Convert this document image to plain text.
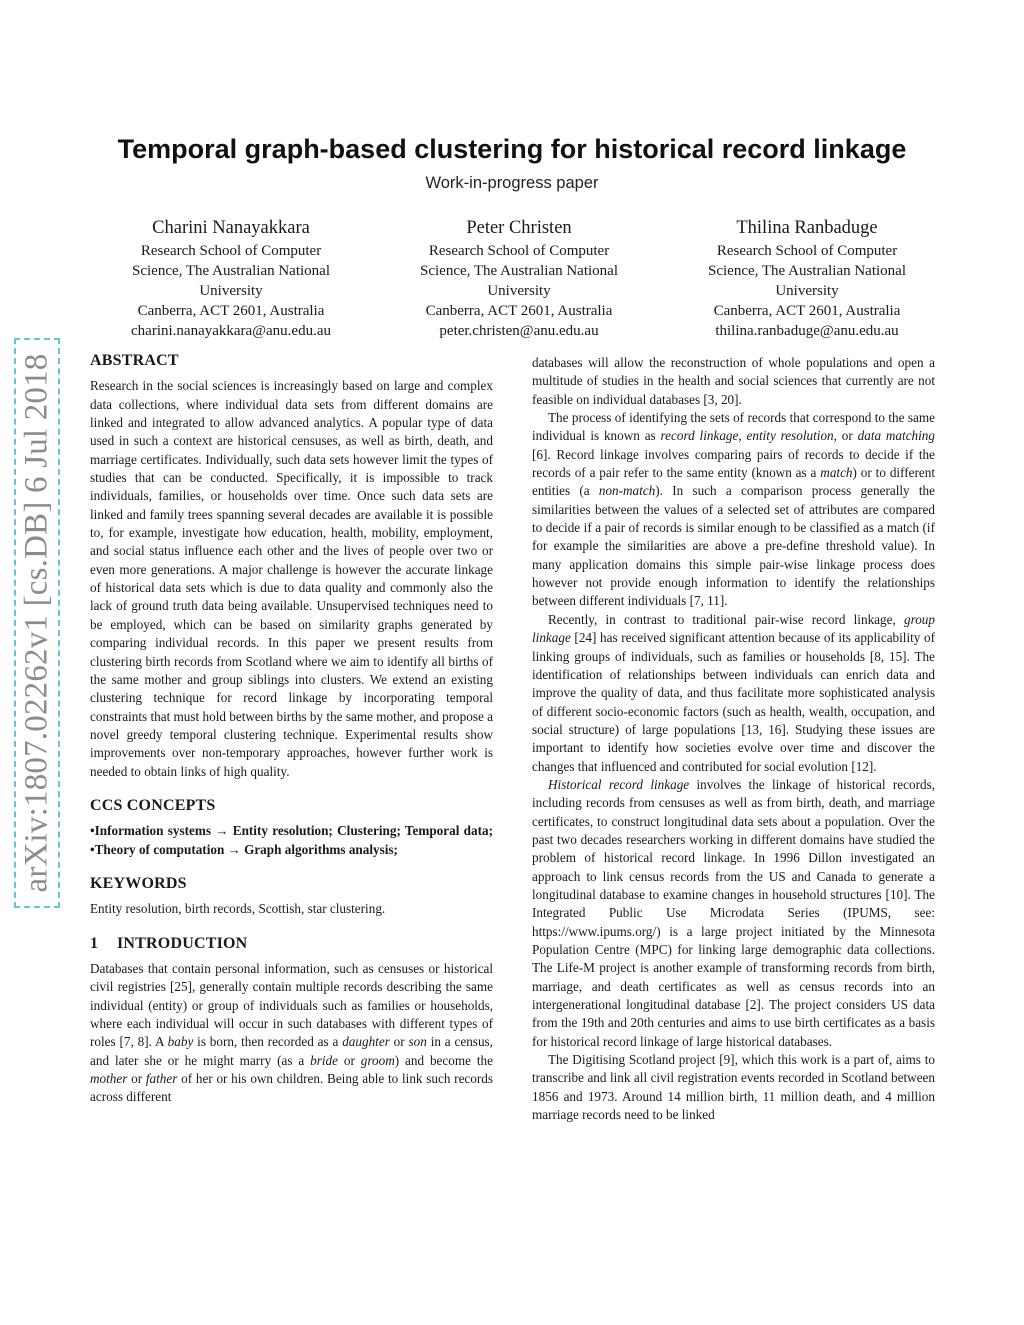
arXiv:1807.02262v1 [cs.DB] 6 Jul 2018
Temporal graph-based clustering for historical record linkage
Work-in-progress paper
Charini Nanayakkara
Research School of Computer
Science, The Australian National
University
Canberra, ACT 2601, Australia
charini.nanayakkara@anu.edu.au
Peter Christen
Research School of Computer
Science, The Australian National
University
Canberra, ACT 2601, Australia
peter.christen@anu.edu.au
Thilina Ranbaduge
Research School of Computer
Science, The Australian National
University
Canberra, ACT 2601, Australia
thilina.ranbaduge@anu.edu.au
ABSTRACT

Research in the social sciences is increasingly based on large and complex data collections, where individual data sets from different domains are linked and integrated to allow advanced analytics. A popular type of data used in such a context are historical censuses, as well as birth, death, and marriage certificates. Individually, such data sets however limit the types of studies that can be conducted. Specifically, it is impossible to track individuals, families, or households over time. Once such data sets are linked and family trees spanning several decades are available it is possible to, for example, investigate how education, health, mobility, employment, and social status influence each other and the lives of people over two or even more generations. A major challenge is however the accurate linkage of historical data sets which is due to data quality and commonly also the lack of ground truth data being available. Unsupervised techniques need to be employed, which can be based on similarity graphs generated by comparing individual records. In this paper we present results from clustering birth records from Scotland where we aim to identify all births of the same mother and group siblings into clusters. We extend an existing clustering technique for record linkage by incorporating temporal constraints that must hold between births by the same mother, and propose a novel greedy temporal clustering technique. Experimental results show improvements over non-temporary approaches, however further work is needed to obtain links of high quality.

CCS CONCEPTS

•Information systems → Entity resolution; Clustering; Temporal data; •Theory of computation → Graph algorithms analysis;

KEYWORDS

Entity resolution, birth records, Scottish, star clustering.

1 INTRODUCTION

Databases that contain personal information, such as censuses or historical civil registries [25], generally contain multiple records describing the same individual (entity) or group of individuals such as families or households, where each individual will occur in such databases with different types of roles [7, 8]. A baby is born, then recorded as a daughter or son in a census, and later she or he might marry (as a bride or groom) and become the mother or father of her or his own children. Being able to link such records across different

databases will allow the reconstruction of whole populations and open a multitude of studies in the health and social sciences that currently are not feasible on individual databases [3, 20].

The process of identifying the sets of records that correspond to the same individual is known as record linkage, entity resolution, or data matching [6]. Record linkage involves comparing pairs of records to decide if the records of a pair refer to the same entity (known as a match) or to different entities (a non-match). In such a comparison process generally the similarities between the values of a selected set of attributes are compared to decide if a pair of records is similar enough to be classified as a match (if for example the similarities are above a pre-define threshold value). In many application domains this simple pair-wise linkage process does however not provide enough information to identify the relationships between different individuals [7, 11].

Recently, in contrast to traditional pair-wise record linkage, group linkage [24] has received significant attention because of its applicability of linking groups of individuals, such as families or households [8, 15]. The identification of relationships between individuals can enrich data and improve the quality of data, and thus facilitate more sophisticated analysis of different socio-economic factors (such as health, wealth, occupation, and social structure) of large populations [13, 16]. Studying these issues are important to identify how societies evolve over time and discover the changes that influenced and contributed for social evolution [12].

Historical record linkage involves the linkage of historical records, including records from censuses as well as from birth, death, and marriage certificates, to construct longitudinal data sets about a population. Over the past two decades researchers working in different domains have studied the problem of historical record linkage. In 1996 Dillon investigated an approach to link census records from the US and Canada to generate a longitudinal database to examine changes in household structures [10]. The Integrated Public Use Microdata Series (IPUMS, see: https://www.ipums.org/) is a large project initiated by the Minnesota Population Centre (MPC) for linking large demographic data collections. The Life-M project is another example of transforming records from birth, marriage, and death certificates as well as census records into an intergenerational longitudinal database [2]. The project considers US data from the 19th and 20th centuries and aims to use birth certificates as a basis for historical record linkage of large historical databases.

The Digitising Scotland project [9], which this work is a part of, aims to transcribe and link all civil registration events recorded in Scotland between 1856 and 1973. Around 14 million birth, 11 million death, and 4 million marriage records need to be linked
